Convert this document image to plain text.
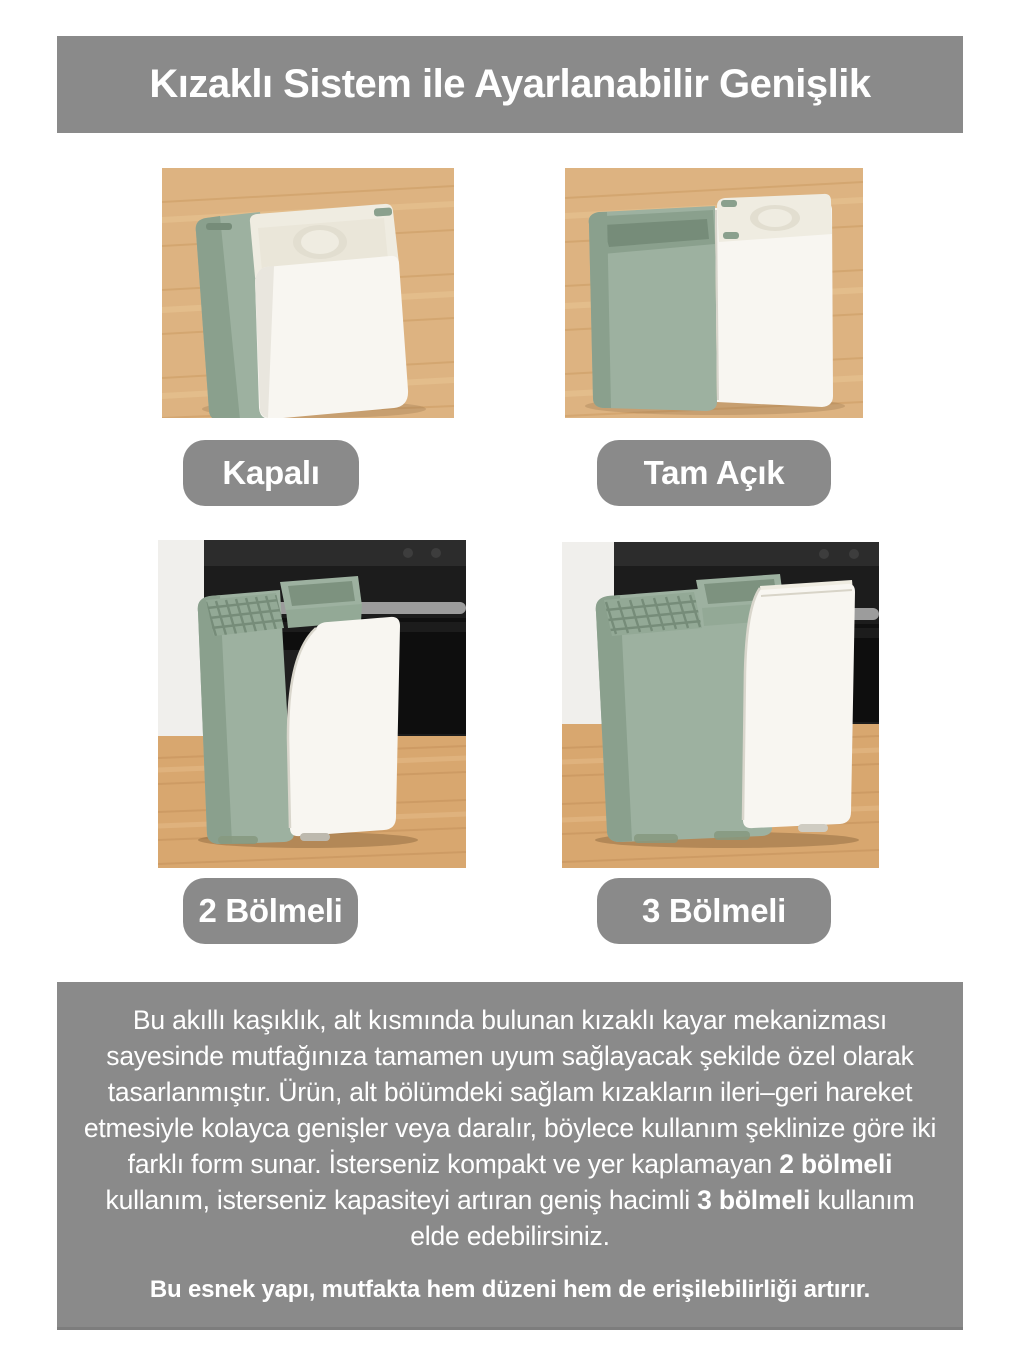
Kızaklı Sistem ile Ayarlanabilir Genişlik
Kapalı	Tam Açık
2 Bölmeli	3 Bölmeli

Bu akıllı kaşıklık, alt kısmında bulunan kızaklı kayar mekanizması sayesinde mutfağınıza tamamen uyum sağlayacak şekilde özel olarak tasarlanmıştır. Ürün, alt bölümdeki sağlam kızakların ileri–geri hareket etmesiyle kolayca genişler veya daralır, böylece kullanım şeklinize göre iki farklı form sunar. İsterseniz kompakt ve yer kaplamayan 2 bölmeli kullanım, isterseniz kapasiteyi artıran geniş hacimli 3 bölmeli kullanım elde edebilirsiniz.

Bu esnek yapı, mutfakta hem düzeni hem de erişilebilirliği artırır.
